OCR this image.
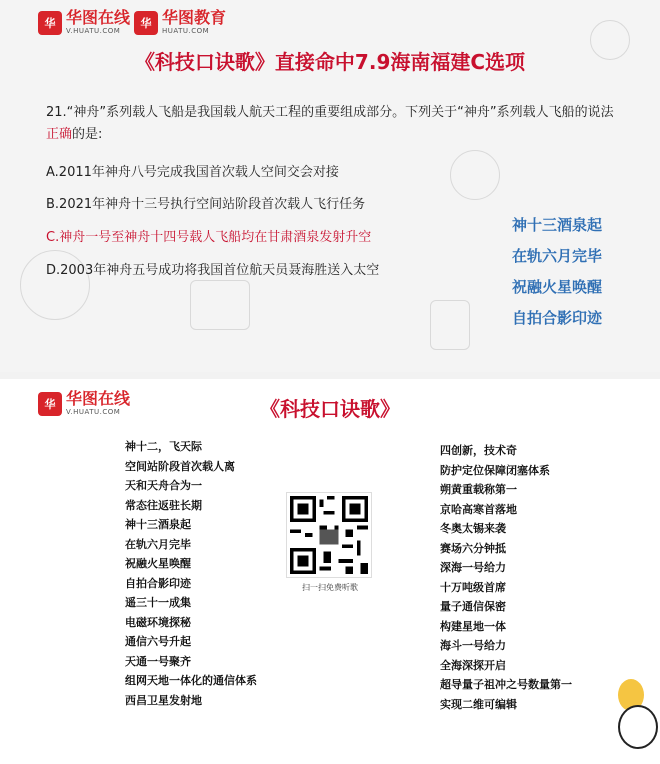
华 华图在线
V.HUATU.COM
华 华图教育
HUATU.COM
《科技口诀歌》直接命中7.9海南福建C选项

21.“神舟”系列载人飞船是我国载人航天工程的重要组成部分。下列关于“神舟”系列载人飞船的说法正确的是:

A.2011年神舟八号完成我国首次载人空间交会对接
B.2021年神舟十三号执行空间站阶段首次载人飞行任务
C.神舟一号至神舟十四号载人飞船均在甘肃酒泉发射升空
D.2003年神舟五号成功将我国首位航天员聂海胜送入太空
神十三酒泉起
在轨六月完毕
祝融火星唤醒
自拍合影印迹
华 华图在线
V.HUATU.COM	《科技口诀歌》
神十二，飞天际
空间站阶段首次载人离
天和天舟合为一
常态往返驻长期
神十三酒泉起
在轨六月完毕
祝融火星唤醒
自拍合影印迹
遥三十一成集
电磁环境探秘
通信六号升起
天通一号聚齐
组网天地一体化的通信体系
西昌卫星发射地
扫一扫免费听歌
四创新，技术奇
防护定位保障闭塞体系
朔黄重载称第一
京哈高寒首落地
冬奥太锡来袭
赛场六分钟抵
深海一号给力
十万吨级首席
量子通信保密
构建星地一体
海斗一号给力
全海深探开启
超导量子祖冲之号数量第一
实现二维可编辑
